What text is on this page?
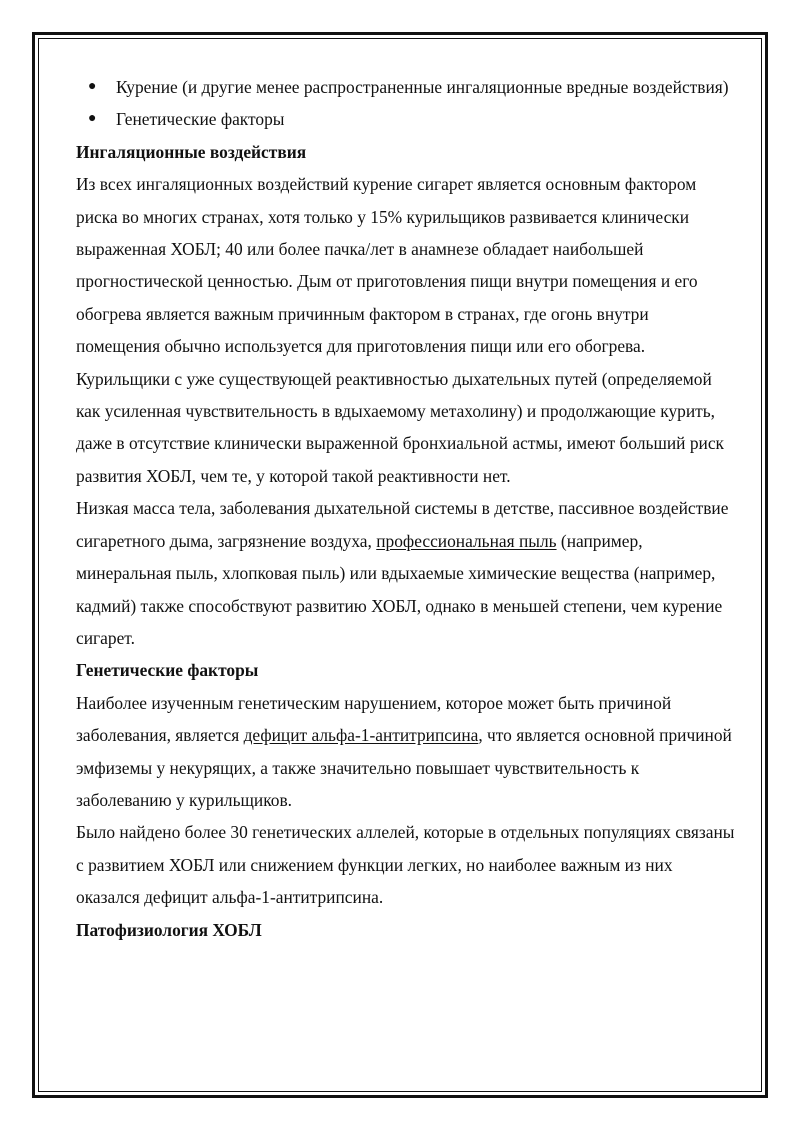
● Курение (и другие менее распространенные ингаляционные вредные воздействия)
● Генетические факторы

Ингаляционные воздействия

Из всех ингаляционных воздействий курение сигарет является основным фактором риска во многих странах, хотя только у 15% курильщиков развивается клинически выраженная ХОБЛ; 40 или более пачка/лет в анамнезе обладает наибольшей прогностической ценностью. Дым от приготовления пищи внутри помещения и его обогрева является важным причинным фактором в странах, где огонь внутри помещения обычно используется для приготовления пищи или его обогрева. Курильщики с уже существующей реактивностью дыхательных путей (определяемой как усиленная чувствительность в вдыхаемому метахолину) и продолжающие курить, даже в отсутствие клинически выраженной бронхиальной астмы, имеют больший риск развития ХОБЛ, чем те, у которой такой реактивности нет.

Низкая масса тела, заболевания дыхательной системы в детстве, пассивное воздействие сигаретного дыма, загрязнение воздуха, профессиональная пыль (например, минеральная пыль, хлопковая пыль) или вдыхаемые химические вещества (например, кадмий) также способствуют развитию ХОБЛ, однако в меньшей степени, чем курение сигарет.

Генетические факторы

Наиболее изученным генетическим нарушением, которое может быть причиной заболевания, является дефицит альфа-1-антитрипсина, что является основной причиной эмфиземы у некурящих, а также значительно повышает чувствительность к заболеванию у курильщиков.

Было найдено более 30 генетических аллелей, которые в отдельных популяциях связаны с развитием ХОБЛ или снижением функции легких, но наиболее важным из них оказался дефицит альфа-1-антитрипсина.

Патофизиология ХОБЛ
